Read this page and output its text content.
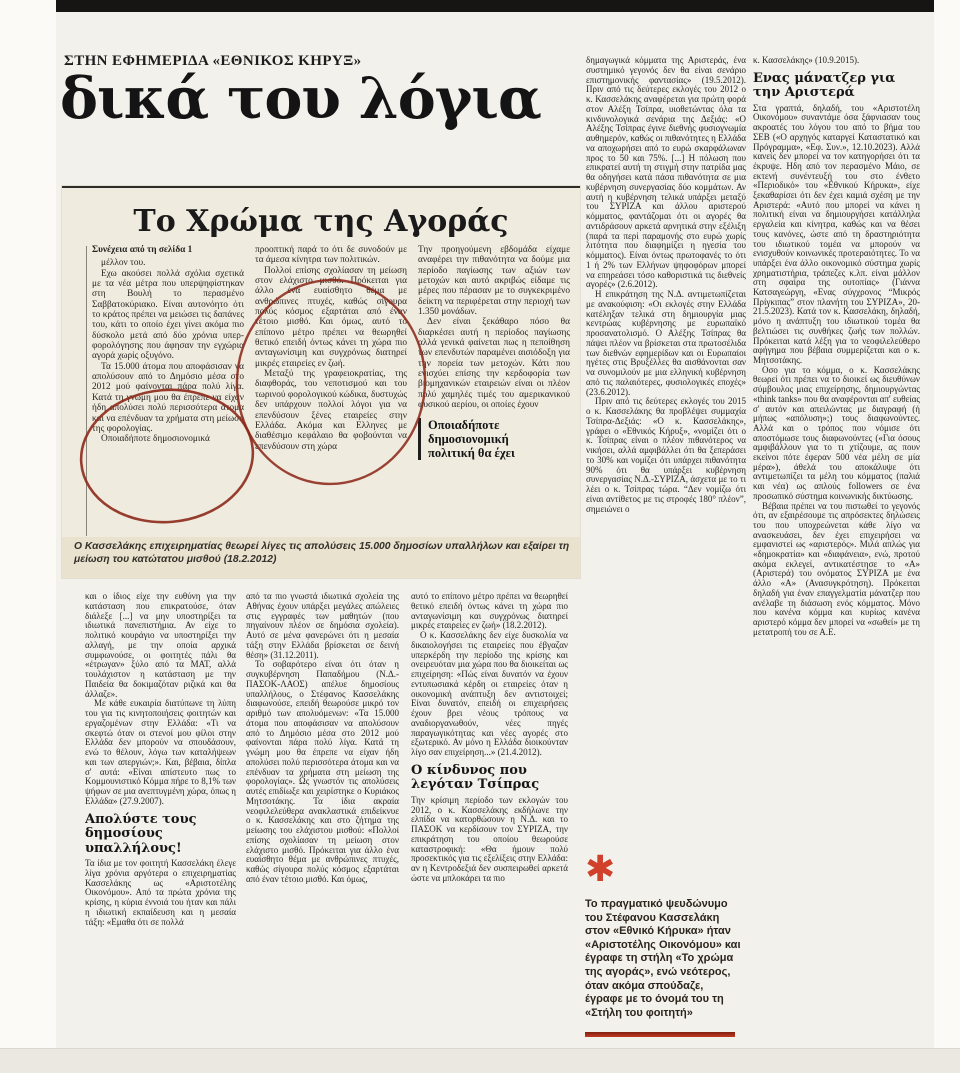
ΣΤΗΝ ΕΦΗΜΕΡΙΔΑ «ΕΘΝΙΚΟΣ ΚΗΡΥΞ»
δικά του λόγια
Το Χρώμα της Αγοράς

Συνέχεια από τη σελίδα 1

μέλλον του.

Εχω ακούσει πολλά σχόλια σχετικά με τα νέα μέτρα που υπερψηφίστηκαν στη Βουλή το περασμένο Σαββατοκύριακο. Είναι αυτονόητο ότι το κράτος πρέπει να μειώσει τις δαπάνες του, κάτι το οποίο έχει γίνει ακόμα πιο δύσκολο μετά από δύο χρόνια υπερ-φορολόγησης που άφησαν την εγχώρια αγορά χωρίς οξυγόνο.

Τα 15.000 άτομα που αποφάσισαν να απολύσουν από το Δημόσιο μέσα στο 2012 μού φαίνονται πάρα πολύ λίγα. Κατά τη γνώμη μου θα έπρεπε να είχαν ήδη απολύσει πολύ περισσότερα άτομα και να επένδυαν τα χρήματα στη μείωση της φορολογίας.

Οποιαδήποτε δημοσιονομικά

προοπτική παρά το ότι δε συνοδούν με τα άμεσα κίνητρα των πολιτικών.

Πολλοί επίσης σχολίασαν τη μείωση στον ελάχιστο μισθό. Πρόκειται για άλλο ένα ευαίσθητο θέμα με ανθρώπινες πτυχές, καθώς σίγουρα πολύς κόσμος εξαρτάται από έναν τέτοιο μισθό. Και όμως, αυτό το επίπονο μέτρο πρέπει να θεωρηθεί θετικό επειδή όντως κάνει τη χώρα πιο ανταγωνίσιμη και συγχρόνως διατηρεί μικρές εταιρείες εν ζωή.

Μεταξύ της γραφειοκρατίας, της διαφθοράς, του νεποτισμού και του τωρινού φορολογικού κώδικα, δυστυχώς δεν υπάρχουν πολλοί λόγοι για να επενδύσουν ξένες εταιρείες στην Ελλάδα. Ακόμα και Ελληνες με διαθέσιμο κεφάλαιο θα φοβούνται να επενδύσουν στη χώρα

Την προηγούμενη εβδομάδα είχαμε αναφέρει την πιθανότητα να δούμε μια περίοδο παγίωσης των αξιών των μετοχών και αυτό ακριβώς είδαμε τις μέρες που πέρασαν με το συγκεκριμένο δείκτη να περιφέρεται στην περιοχή των 1.350 μονάδων.

Δεν είναι ξεκάθαρο πόσο θα διαρκέσει αυτή η περίοδος παγίωσης αλλά γενικά φαίνεται πως η πεποίθηση των επενδυτών παραμένει αισιόδοξη για την πορεία των μετοχών. Κάτι που ενισχύει επίσης την κερδοφορία των βιομηχανικών εταιρειών είναι οι πλέον πολύ χαμηλές τιμές του αμερικανικού φυσικού αερίου, οι οποίες έχουν

Οποιαδήποτε δημοσιονομική πολιτική θα έχει
Ο Κασσελάκης επιχειρηματίας θεωρεί λίγες τις απολύσεις 15.000 δημοσίων υπαλλήλων και εξαίρει τη μείωση του κατώτατου μισθού (18.2.2012)

και ο ίδιος είχε την ευθύνη για την κατάσταση που επικρατούσε, όταν διάλεξε [...] να μην υποστηρίξει τα ιδιωτικά πανεπιστήμια. Αν είχε το πολιτικό κουράγιο να υποστηρίξει την αλλαγή, με την οποία αρχικά συμφωνούσε, οι φοιτητές πάλι θα «έτρωγαν» ξύλο από τα ΜΑΤ, αλλά τουλάχιστον η κατάσταση με την Παιδεία θα δοκιμαζόταν ριζικά και θα άλλαζε».

Με κάθε ευκαιρία διατύπωνε τη λύπη του για τις κινητοποιήσεις φοιτητών και εργαζομένων στην Ελλάδα: «Τι να σκεφτώ όταν οι στενοί μου φίλοι στην Ελλάδα δεν μπορούν να σπουδάσουν, ενώ το θέλουν, λόγω των καταλήψεων και των απεργιών;». Και, βέβαια, δίπλα σ' αυτά: «Είναι απίστευτο πως το Κομμουνιστικό Κόμμα πήρε το 8,1% των ψήφων σε μια ανεπτυγμένη χώρα, όπως η Ελλάδα» (27.9.2007).

Απολύστε τους δημοσίους υπαλλήλους!

Τα ίδια με τον φοιτητή Κασσελάκη έλεγε λίγα χρόνια αργότερα ο επιχειρηματίας Κασσελάκης ως «Αριστοτέλης Οικονόμου». Από τα πρώτα χρόνια της κρίσης, η κύρια έννοιά του ήταν και πάλι η ιδιωτική εκπαίδευση και η μεσαία τάξη: «Εμαθα ότι σε πολλά

από τα πιο γνωστά ιδιωτικά σχολεία της Αθήνας έχουν υπάρξει μεγάλες απώλειες στις εγγραφές των μαθητών (που πηγαίνουν πλέον σε δημόσια σχολεία). Αυτό σε μένα φανερώνει ότι η μεσαία τάξη στην Ελλάδα βρίσκεται σε δεινή θέση» (31.12.2011).

Το σοβαρότερο είναι ότι όταν η συγκυβέρνηση Παπαδήμου (Ν.Δ.-ΠΑΣΟΚ-ΛΑΟΣ) απέλυε δημοσίους υπαλλήλους, ο Στέφανος Κασσελάκης διαφωνούσε, επειδή θεωρούσε μικρό τον αριθμό των απολυόμενων: «Τα 15.000 άτομα που αποφάσισαν να απολύσουν από το Δημόσιο μέσα στο 2012 μού φαίνονται πάρα πολύ λίγα. Κατά τη γνώμη μου θα έπρεπε να είχαν ήδη απολύσει πολύ περισσότερα άτομα και να επένδυαν τα χρήματα στη μείωση της φορολογίας». Ως γνωστόν τις απολύσεις αυτές επιδίωξε και χειρίστηκε ο Κυριάκος Μητσοτάκης. Τα ίδια ακραία νεοφιλελεύθερα ανακλαστικά επιδείκνυε ο κ. Κασσελάκης και στο ζήτημα της μείωσης του ελάχιστου μισθού: «Πολλοί επίσης σχολίασαν τη μείωση στον ελάχιστο μισθό. Πρόκειται για άλλο ένα ευαίσθητο θέμα με ανθρώπινες πτυχές, καθώς σίγουρα πολύς κόσμος εξαρτάται από έναν τέτοιο μισθό. Και όμως,

αυτό το επίπονο μέτρο πρέπει να θεωρηθεί θετικό επειδή όντως κάνει τη χώρα πιο ανταγωνίσιμη και συγχρόνως διατηρεί μικρές εταιρείες εν ζωή» (18.2.2012).

Ο κ. Κασσελάκης δεν είχε δυσκολία να δικαιολογήσει τις εταιρείες που έβγαζαν υπερκέρδη την περίοδο της κρίσης και ονειρευόταν μια χώρα που θα διοικείται ως επιχείρηση: «Πώς είναι δυνατόν να έχουν εντυπωσιακά κέρδη οι εταιρείες όταν η οικονομική ανάπτυξη δεν αντιστοιχεί; Είναι δυνατόν, επειδή οι επιχειρήσεις έχουν βρει νέους τρόπους να αναδιοργανωθούν, νέες πηγές παραγωγικότητας και νέες αγορές στο εξωτερικό. Αν μόνο η Ελλάδα διοικούνταν λίγο σαν επιχείρηση...» (21.4.2012).

Ο κίνδυνος που λεγόταν Τσίπρας

Την κρίσιμη περίοδο των εκλογών του 2012, ο κ. Κασσελάκης εκδήλωνε την ελπίδα να κατορθώσουν η Ν.Δ. και το ΠΑΣΟΚ να κερδίσουν τον ΣΥΡΙΖΑ, την επικράτηση του οποίου θεωρούσε καταστροφική: «Θα ήμουν πολύ προσεκτικός για τις εξελίξεις στην Ελλάδα: αν η Κεντροδεξιά δεν συσπειρωθεί αρκετά ώστε να μπλοκάρει τα πιο

δημαγωγικά κόμματα της Αριστεράς, ένα συστημικό γεγονός δεν θα είναι σενάριο επιστημονικής φαντασίας» (19.5.2012). Πριν από τις δεύτερες εκλογές του 2012 ο κ. Κασσελάκης αναφέρεται για πρώτη φορά στον Αλέξη Τσίπρα, υιοθετώντας όλα τα κινδυνολογικά σενάρια της Δεξιάς: «Ο Αλέξης Τσίπρας έγινε διεθνής φυσιογνωμία αυθημερόν, καθώς οι πιθανότητες η Ελλάδα να αποχωρήσει από το ευρώ σκαρφάλωναν προς το 50 και 75%. [...] Η πόλωση που επικρατεί αυτή τη στιγμή στην πατρίδα μας θα οδηγήσει κατά πάσα πιθανότητα σε μια κυβέρνηση συνεργασίας δύο κομμάτων. Αν αυτή η κυβέρνηση τελικά υπάρξει μεταξύ του ΣΥΡΙΖΑ και άλλου αριστερού κόμματος, φαντάζομαι ότι οι αγορές θα αντιδράσουν αρκετά αρνητικά στην εξέλιξη (παρά τα περί παραμονής στο ευρώ χωρίς λιτότητα που διαφημίζει η ηγεσία του κόμματος). Είναι όντως πρωτοφανές το ότι 1 ή 2% των Ελλήνων ψηφοφόρων μπορεί να επηρεάσει τόσο καθοριστικά τις διεθνείς αγορές» (2.6.2012).

Η επικράτηση της Ν.Δ. αντιμετωπίζεται με ανακούφιση: «Οι εκλογές στην Ελλάδα κατέληξαν τελικά στη δημιουργία μιας κεντρώας κυβέρνησης με ευρωπαϊκό προσανατολισμό. Ο Αλέξης Τσίπρας θα πάψει πλέον να βρίσκεται στα πρωτοσέλιδα των διεθνών εφημερίδων και οι Ευρωπαίοι ηγέτες στις Βρυξέλλες θα αισθάνονται σαν να συνομιλούν με μια ελληνική κυβέρνηση από τις παλαιότερες, φυσιολογικές εποχές» (23.6.2012).

Πριν από τις δεύτερες εκλογές του 2015 ο κ. Κασσελάκης θα προβλέψει συμμαχία Τσίπρα-Δεξιάς: «Ο κ. Κασσελάκης», γράφει ο «Εθνικός Κήρυξ», «νομίζει ότι ο κ. Τσίπρας είναι ο πλέον πιθανότερος να νικήσει, αλλά αμφιβάλλει ότι θα ξεπεράσει το 30% και νομίζει ότι υπάρχει πιθανότητα 90% ότι θα υπάρξει κυβέρνηση συνεργασίας Ν.Δ.-ΣΥΡΙΖΑ, άσχετα με το τι λέει ο κ. Τσίπρας τώρα. “Δεν νομίζω ότι είναι αντίθετος με τις στροφές 180° πλέον”, σημειώνει ο

κ. Κασσελάκης» (10.9.2015).

Ενας μάνατζερ για την Αριστερά

Στα γραπτά, δηλαδή, του «Αριστοτέλη Οικονόμου» συναντάμε όσα ξάφνιασαν τους ακροατές του λόγου του από το βήμα του ΣΕΒ («Ο αρχηγός καταργεί Καταστατικό και Πρόγραμμα», «Εφ. Συν.», 12.10.2023). Αλλά κανείς δεν μπορεί να τον κατηγορήσει ότι τα έκρυψε. Ηδη από τον περασμένο Μάιο, σε εκτενή συνέντευξή του στο ένθετο «Περιοδικό» του «Εθνικού Κήρυκα», είχε ξεκαθαρίσει ότι δεν έχει καμιά σχέση με την Αριστερά: «Αυτό που μπορεί να κάνει η πολιτική είναι να δημιουργήσει κατάλληλα εργαλεία και κίνητρα, καθώς και να θέσει τους κανόνες, ώστε από τη δραστηριότητα του ιδιωτικού τομέα να μπορούν να ενισχυθούν κοινωνικές προτεραιότητες. Το να υπάρξει ένα άλλο οικονομικό σύστημα χωρίς χρηματιστήρια, τράπεζες κ.λπ. είναι μάλλον στη σφαίρα της ουτοπίας» (Γιάννα Κατσαγεώργη, «Ενας σύγχρονος “Μικρός Πρίγκιπας” στον πλανήτη του ΣΥΡΙΖΑ», 20-21.5.2023). Κατά τον κ. Κασσελάκη, δηλαδή, μόνο η ανάπτυξη του ιδιωτικού τομέα θα βελτιώσει τις συνθήκες ζωής των πολλών. Πρόκειται κατά λέξη για το νεοφιλελεύθερο αφήγημα που βέβαια συμμερίζεται και ο κ. Μητσοτάκης.

Οσο για το κόμμα, ο κ. Κασσελάκης θεωρεί ότι πρέπει να το διοικεί ως διευθύνων σύμβουλος μιας επιχείρησης, δημιουργώντας «think tanks» που θα αναφέρονται απ' ευθείας σ' αυτόν και απειλώντας με διαγραφή (ή μήπως «απόλυση»;) τους διαφωνούντες. Αλλά και ο τρόπος που νόμισε ότι αποστόμωσε τους διαφωνούντες («Για όσους αμφιβάλλουν για το τι χτίζουμε, ας πουν εκείνοι πότε έφεραν 500 νέα μέλη σε μία μέρα»), άθελά του αποκάλυψε ότι αντιμετωπίζει τα μέλη του κόμματος (παλιά και νέα) ως απλούς followers σε ένα προσωπικό σύστημα κοινωνικής δικτύωσης.

Βέβαια πρέπει να του πιστωθεί το γεγονός ότι, αν εξαιρέσουμε τις απρόσεκτες δηλώσεις του που υποχρεώνεται κάθε λίγο να ανασκευάσει, δεν έχει επιχειρήσει να εμφανιστεί ως «αριστερός». Μιλά απλώς για «δημοκρατία» και «διαφάνεια», ενώ, προτού ακόμα εκλεγεί, αντικατέστησε το «Α» (Αριστερά) του ονόματος ΣΥΡΙΖΑ με ένα άλλο «Α» (Ανασυγκρότηση). Πρόκειται δηλαδή για έναν επαγγελματία μάνατζερ που ανέλαβε τη διάσωση ενός κόμματος. Μόνο που κανένα κόμμα και κυρίως κανένα αριστερό κόμμα δεν μπορεί να «σωθεί» με τη μετατροπή του σε Α.Ε.

✱
Το πραγματικό ψευδώνυμο του Στέφανου Κασσελάκη στον «Εθνικό Κήρυκα» ήταν «Αριστοτέλης Οικονόμου» και έγραφε τη στήλη «Το χρώμα της αγοράς», ενώ νεότερος, όταν ακόμα σπούδαζε, έγραφε με το όνομά του τη «Στήλη του φοιτητή»
